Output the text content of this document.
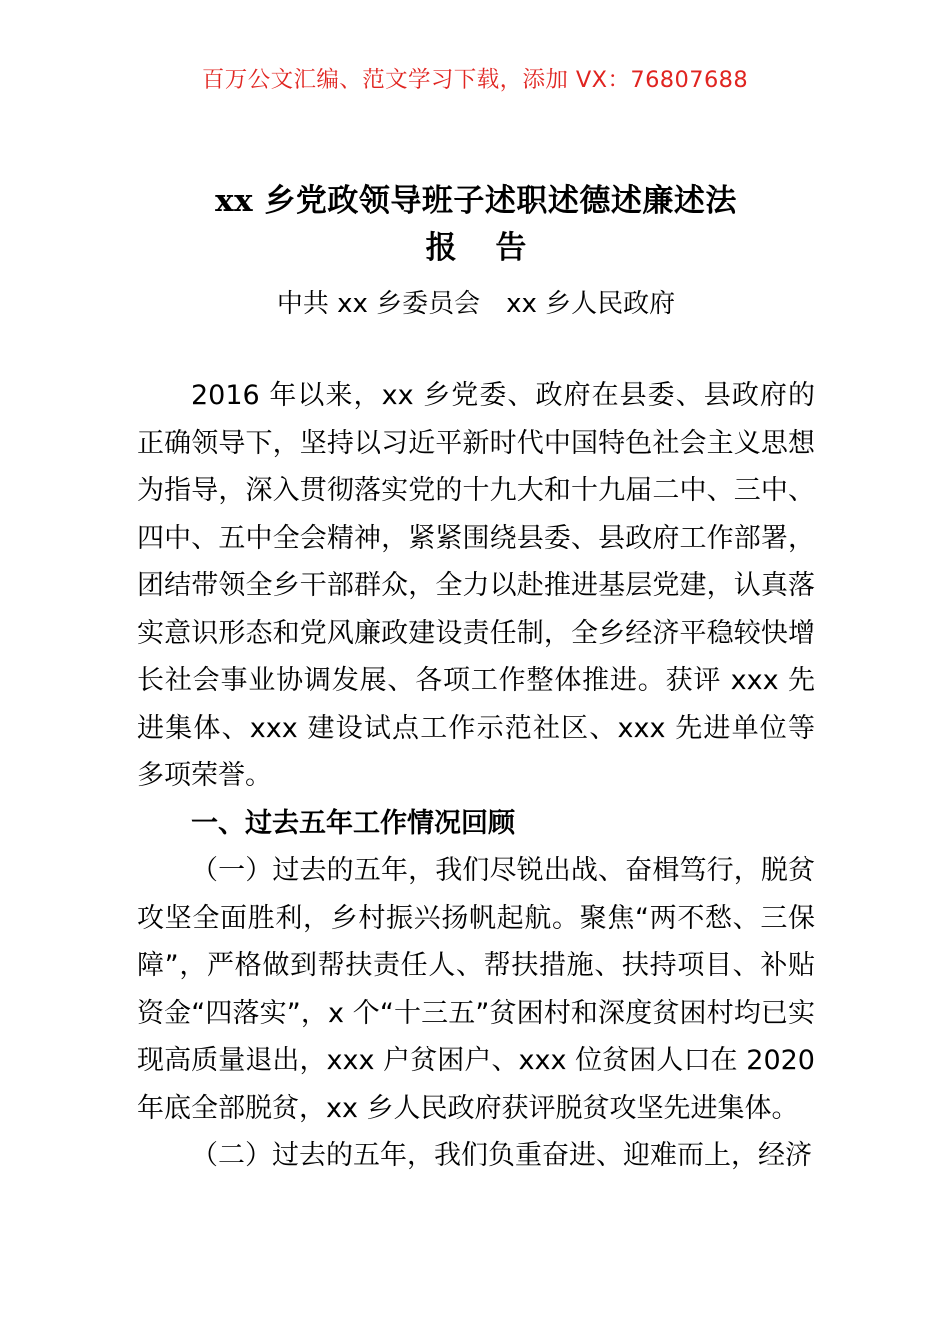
百万公文汇编、范文学习下载，添加 VX：76807688
xx 乡党政领导班子述职述德述廉述法
报 告
中共 xx 乡委员会　xx 乡人民政府

2016 年以来，xx 乡党委、政府在县委、县政府的正确领导下，坚持以习近平新时代中国特色社会主义思想为指导，深入贯彻落实党的十九大和十九届二中、三中、四中、五中全会精神，紧紧围绕县委、县政府工作部署，团结带领全乡干部群众，全力以赴推进基层党建，认真落实意识形态和党风廉政建设责任制，全乡经济平稳较快增长社会事业协调发展、各项工作整体推进。获评 xxx 先进集体、xxx 建设试点工作示范社区、xxx 先进单位等多项荣誉。

一、过去五年工作情况回顾

（一）过去的五年，我们尽锐出战、奋楫笃行，脱贫攻坚全面胜利，乡村振兴扬帆起航。聚焦“两不愁、三保障”，严格做到帮扶责任人、帮扶措施、扶持项目、补贴资金“四落实”，x 个“十三五”贫困村和深度贫困村均已实现高质量退出，xxx 户贫困户、xxx 位贫困人口在 2020 年底全部脱贫，xx 乡人民政府获评脱贫攻坚先进集体。

（二）过去的五年，我们负重奋进、迎难而上，经济
